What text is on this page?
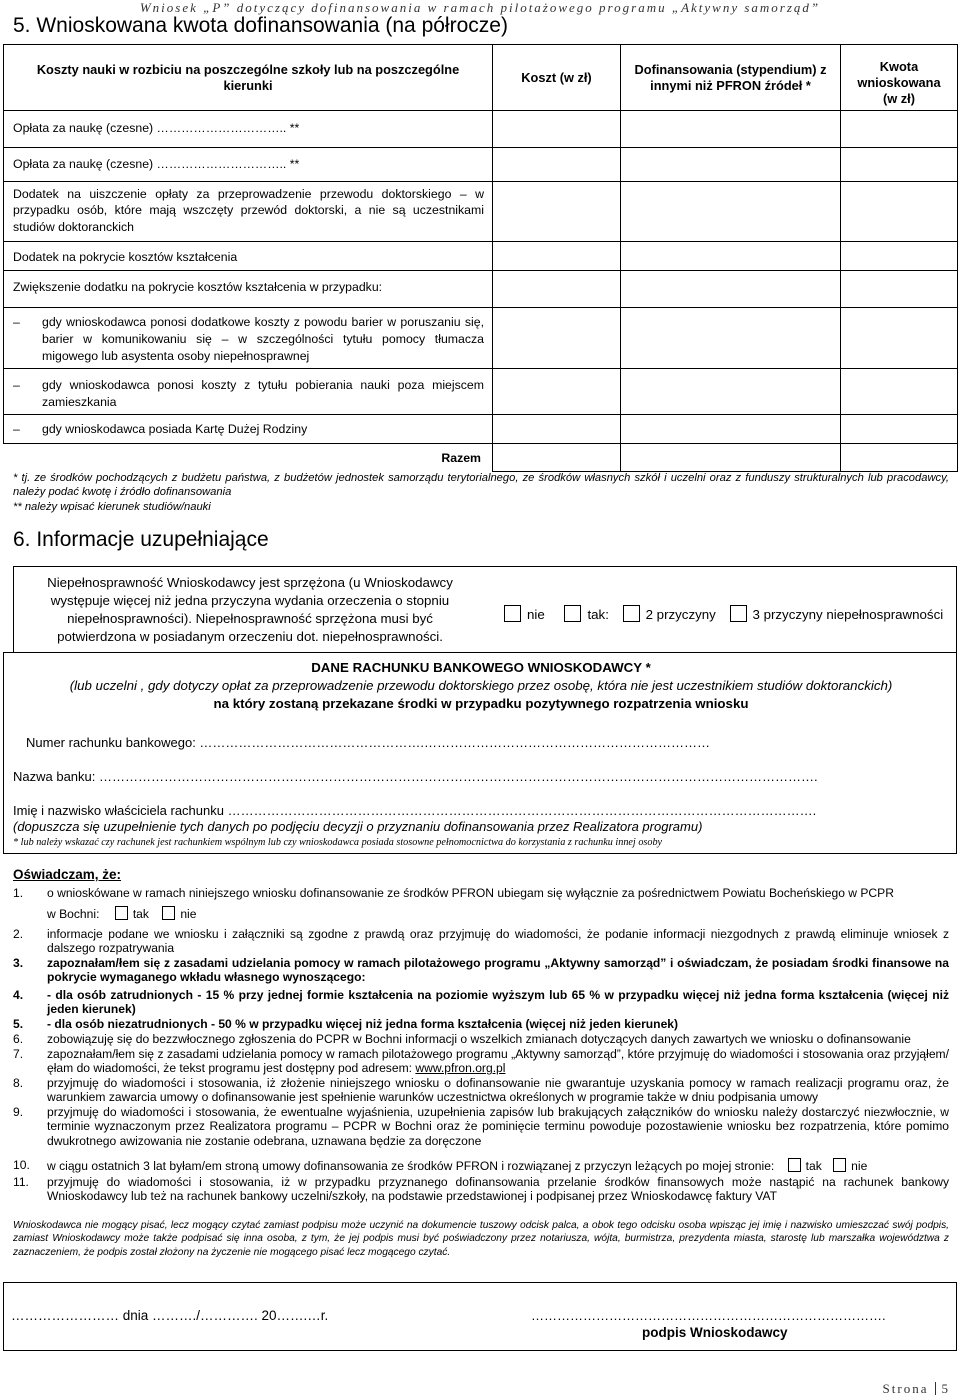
Wniosek „P” dotyczący dofinansowania w ramach pilotażowego programu „Aktywny samorząd”
5. Wnioskowana kwota dofinansowania (na półrocze)
Koszty nauki w rozbiciu na poszczególne szkoły lub na poszczególne kierunki	Koszt (w zł)	Dofinansowania (stypendium) z innymi niż PFRON źródeł *	Kwota wnioskowana (w zł)
Opłata za naukę (czesne) ………………………….. **			
Opłata za naukę (czesne) ………………………….. **			
Dodatek na uiszczenie opłaty za przeprowadzenie przewodu doktorskiego – w przypadku osób, które mają wszczęty przewód doktorski, a nie są uczestnikami studiów doktoranckich			
Dodatek na pokrycie kosztów kształcenia			
Zwiększenie dodatku na pokrycie kosztów kształcenia w przypadku:			

– gdy wnioskodawca ponosi dodatkowe koszty z powodu barier w poruszaniu się, barier w komunikowaniu się – w szczególności tytułu pomocy tłumacza migowego lub asystenta osoby niepełnosprawnej			

– gdy wnioskodawca ponosi koszty z tytułu pobierania nauki poza miejscem zamieszkania			

– gdy wnioskodawca posiada Kartę Dużej Rodziny			
Razem			
* tj. ze środków pochodzących z budżetu państwa, z budżetów jednostek samorządu terytorialnego, ze środków własnych szkół i uczelni oraz z funduszy strukturalnych lub pracodawcy, należy podać kwotę i źródło dofinansowania
** należy wpisać kierunek studiów/nauki
6. Informacje uzupełniające
Niepełnosprawność Wnioskodawcy jest sprzężona (u Wnioskodawcy występuje więcej niż jedna przyczyna wydania orzeczenia o stopniu niepełnosprawności). Niepełnosprawność sprzężona musi być potwierdzona w posiadanym orzeczeniu dot. niepełnosprawności.
nie	tak:	2 przyczyny	3 przyczyny niepełnosprawności
DANE RACHUNKU BANKOWEGO WNIOSKODAWCY *
(lub uczelni , gdy dotyczy opłat za przeprowadzenie przewodu doktorskiego przez osobę, która nie jest uczestnikiem studiów doktoranckich)
na który zostaną przekazane środki w przypadku pozytywnego rozpatrzenia wniosku
Numer rachunku bankowego: …………………………………………….…………………………………………………………
Nazwa banku: ………………………………………………………………………………………………………………………………………………….
Imię i nazwisko właściciela rachunku ……………………………………………………………………………………………………………………….
(dopuszcza się uzupełnienie tych danych po podjęciu decyzji o przyznaniu dofinansowania przez Realizatora programu)
* lub należy wskazać czy rachunek jest rachunkiem wspólnym lub czy wnioskodawca posiada stosowne pełnomocnictwa do korzystania z rachunku innej osoby
Oświadczam, że:
1. o wnioskówane w ramach niniejszego wniosku dofinansowanie ze środków PFRON ubiegam się wyłącznie za pośrednictwem Powiatu Bocheńskiego w PCPR
w Bochni:	tak	nie
2. informacje podane we wniosku i załączniki są zgodne z prawdą oraz przyjmuję do wiadomości, że podanie informacji niezgodnych z prawdą eliminuje wniosek z dalszego rozpatrywania
3. zapoznałam/łem się z zasadami udzielania pomocy w ramach pilotażowego programu „Aktywny samorząd” i oświadczam, że posiadam środki finansowe na pokrycie wymaganego wkładu własnego wynoszącego:
4. - dla osób zatrudnionych - 15 % przy jednej formie kształcenia na poziomie wyższym lub 65 % w przypadku więcej niż jedna forma kształcenia (więcej niż jeden kierunek)
5. - dla osób niezatrudnionych - 50 % w przypadku więcej niż jedna forma kształcenia (więcej niż jeden kierunek)
6. zobowiązuję się do bezzwłocznego zgłoszenia do PCPR w Bochni informacji o wszelkich zmianach dotyczących danych zawartych we wniosku o dofinansowanie
7. zapoznałam/łem się z zasadami udzielania pomocy w ramach pilotażowego programu „Aktywny samorząd”, które przyjmuję do wiadomości i stosowania oraz przyjąłem/ęłam do wiadomości, że tekst programu jest dostępny pod adresem: www.pfron.org.pl
8. przyjmuję do wiadomości i stosowania, iż złożenie niniejszego wniosku o dofinansowanie nie gwarantuje uzyskania pomocy w ramach realizacji programu oraz, że warunkiem zawarcia umowy o dofinansowanie jest spełnienie warunków uczestnictwa określonych w programie także w dniu podpisania umowy
9. przyjmuję do wiadomości i stosowania, że ewentualne wyjaśnienia, uzupełnienia zapisów lub brakujących załączników do wniosku należy dostarczyć niezwłocznie, w terminie wyznaczonym przez Realizatora programu – PCPR w Bochni oraz że pominięcie terminu powoduje pozostawienie wniosku bez rozpatrzenia, które pomimo dwukrotnego awizowania nie zostanie odebrana, uznawana będzie za doręczone
10. w ciągu ostatnich 3 lat byłam/em stroną umowy dofinansowania ze środków PFRON i rozwiązanej z przyczyn leżących po mojej stronie:	tak nie
11. przyjmuję do wiadomości i stosowania, iż w przypadku przyznanego dofinansowania przelanie środków finansowych może nastąpić na rachunek bankowy Wnioskodawcy lub też na rachunek bankowy uczelni/szkoły, na podstawie przedstawionej i podpisanej przez Wnioskodawcę faktury VAT
Wnioskodawca nie mogący pisać, lecz mogący czytać zamiast podpisu może uczynić na dokumencie tuszowy odcisk palca, a obok tego odcisku osoba wpisząc jej imię i nazwisko umieszczać swój podpis, zamiast Wnioskodawcy może także podpisać się inna osoba, z tym, że jej podpis musi być poświadczony przez notariusza, wójta, burmistrza, prezydenta miasta, starostę lub marszałka województwa z zaznaczeniem, że podpis został złożony na życzenie nie mogącego pisać lecz mogącego czytać.
…………………… dnia ………./…………. 20…….…r.	……………………………………………………………………….
podpis Wnioskodawcy
Strona 5
